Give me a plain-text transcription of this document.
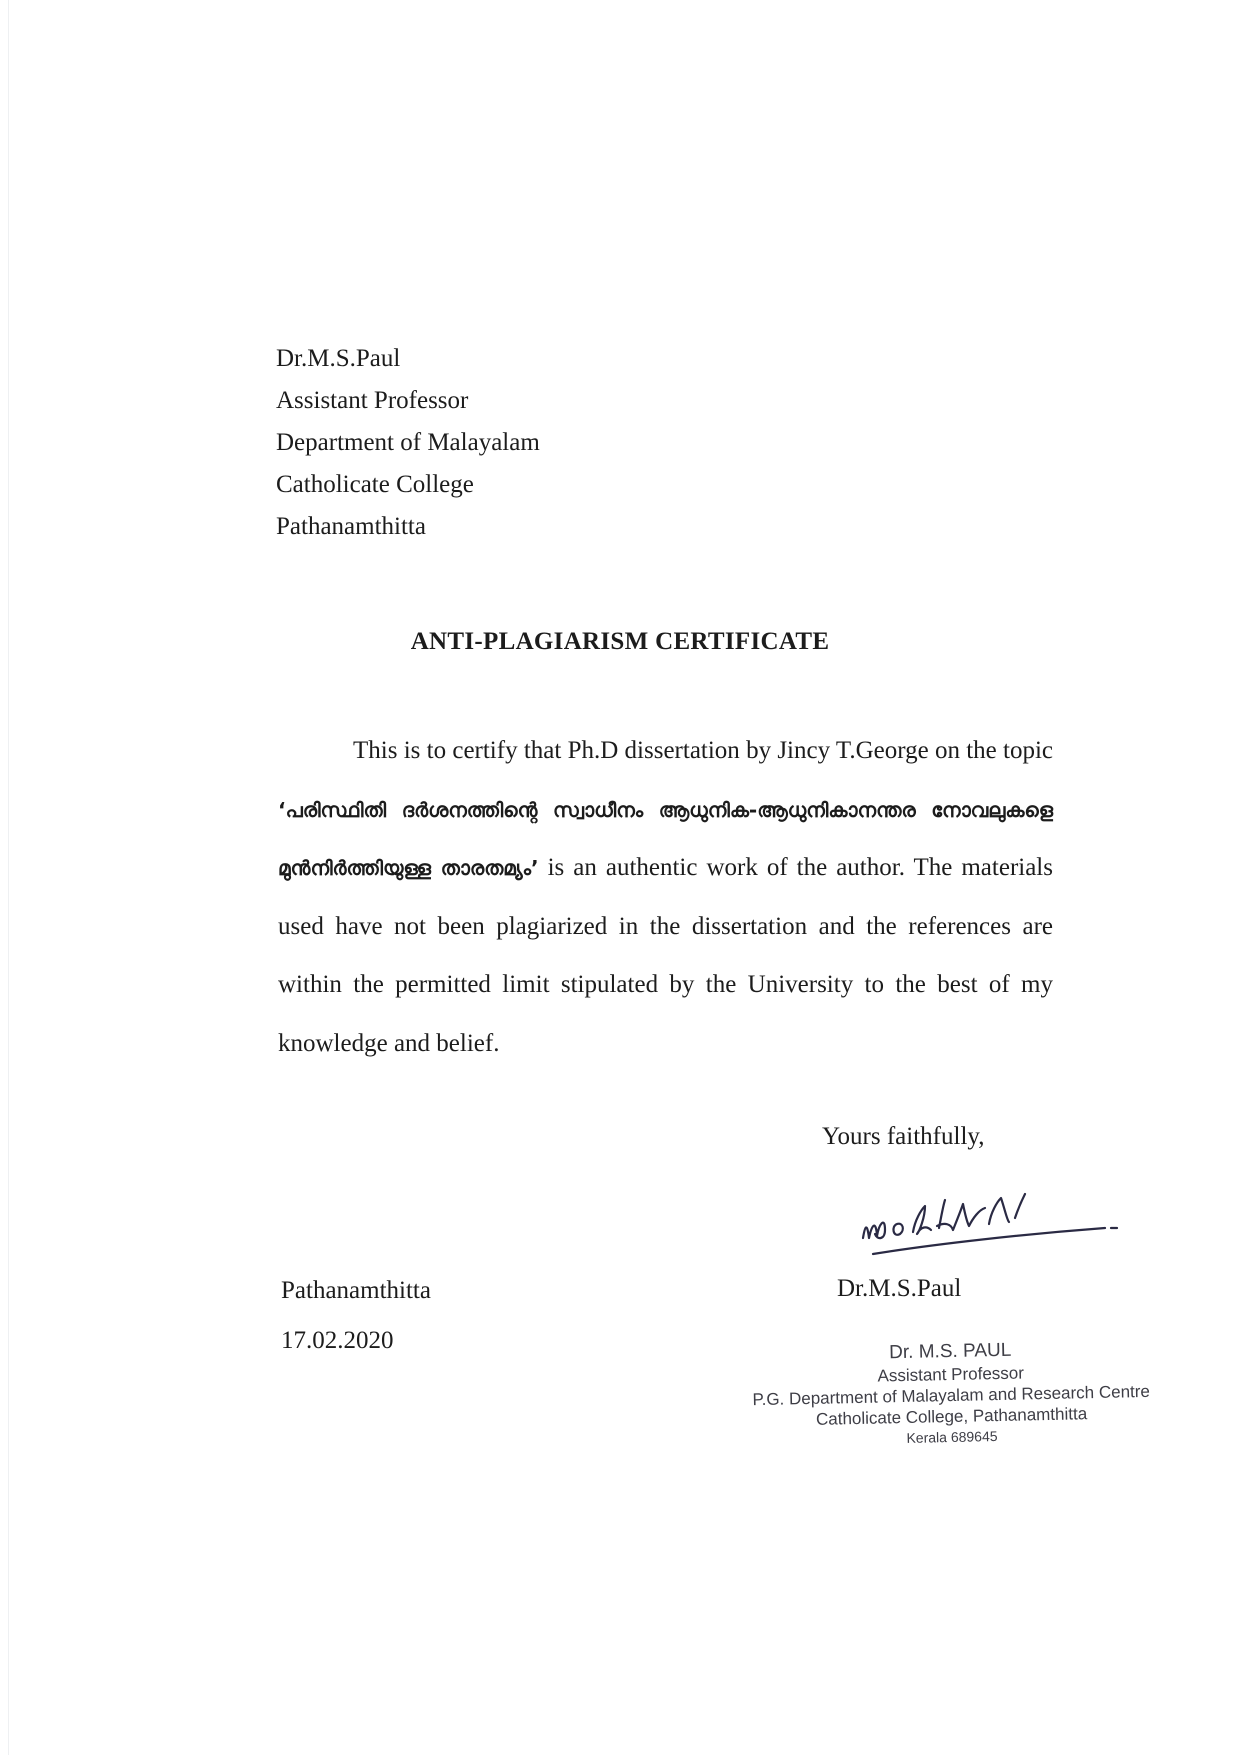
Dr.M.S.Paul
Assistant Professor
Department of Malayalam
Catholicate College
Pathanamthitta
ANTI-PLAGIARISM CERTIFICATE
This is to certify that Ph.D dissertation by Jincy T.George on the topic ‘പരിസ്ഥിതി ദർശനത്തിന്റെ സ്വാധീനം ആധുനിക-ആധുനികാനന്തര നോവലുകളെ മുൻനിർത്തിയുള്ള താരതമ്യം’ is an authentic work of the author. The materials used have not been plagiarized in the dissertation and the references are within the permitted limit stipulated by the University to the best of my knowledge and belief.
Yours faithfully,
Dr.M.S.Paul
Pathanamthitta
17.02.2020	Dr. M.S. PAUL
Assistant Professor
P.G. Department of Malayalam and Research Centre
Catholicate College, Pathanamthitta
Kerala 689645
